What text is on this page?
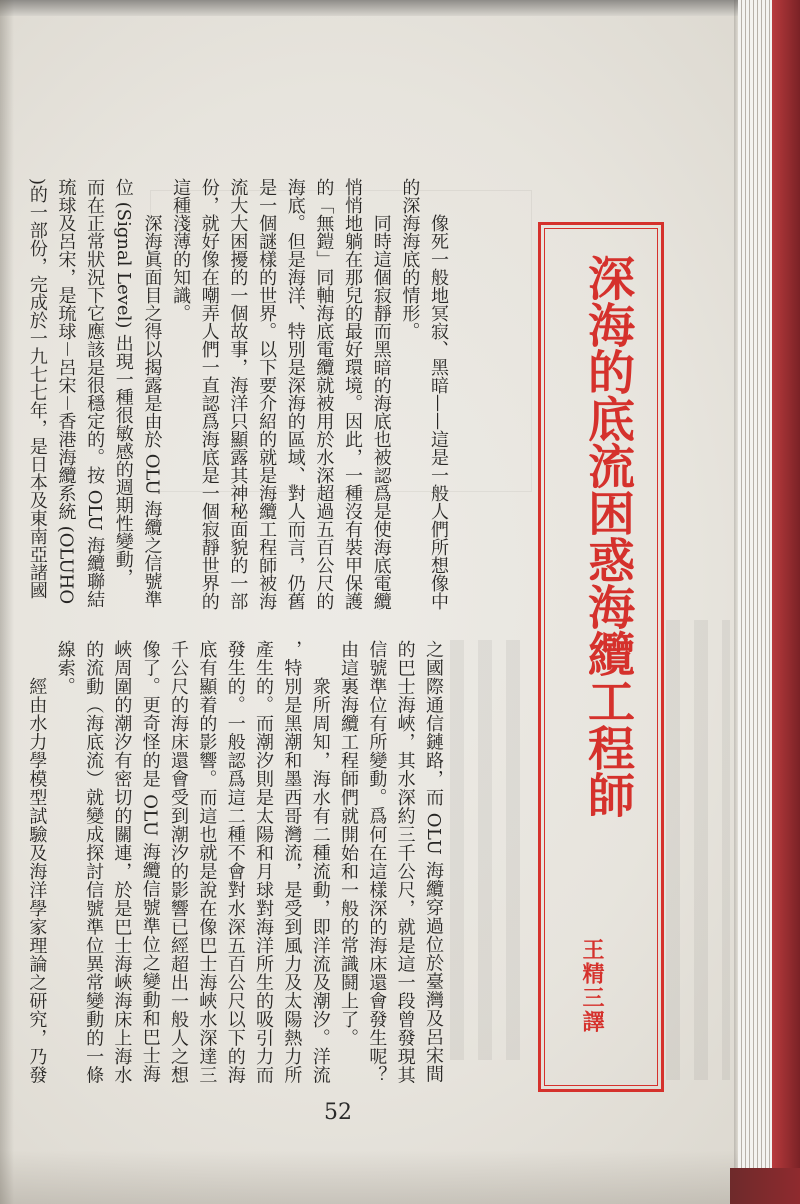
深海的底流困惑海纜工程師
王精三譯
　　像死一般地冥寂、黑暗——這是一般人們所想像中
的深海海底的情形。
　　同時這個寂靜而黑暗的海底也被認爲是使海底電纜
悄悄地躺在那兒的最好環境。因此，一種沒有裝甲保護
的「無鎧」同軸海底電纜就被用於水深超過五百公尺的
海底。但是海洋、特別是深海的區域、對人而言，仍舊
是一個謎樣的世界。以下要介紹的就是海纜工程師被海
流大大困擾的一個故事，海洋只顯露其神秘面貌的一部
份，就好像在嘲弄人們一直認爲海底是一個寂靜世界的
這種淺薄的知識。
　　深海眞面目之得以揭露是由於 OLU 海纜之信號準
位 (Signal Level) 出現一種很敏感的週期性變動，
而在正常狀況下它應該是很穩定的。按 OLU 海纜聯結
琉球及呂宋，是琉球－呂宋－香港海纜系統 (OLUHO
)的一部份，完成於一九七七年，是日本及東南亞諸國
之國際通信鏈路，而 OLU 海纜穿過位於臺灣及呂宋間
的巴士海峽，其水深約三千公尺，就是這一段曾發現其
信號準位有所變動。爲何在這樣深的海床還會發生呢？
由這裏海纜工程師們就開始和一般的常識鬪上了。
　　衆所周知，海水有二種流動，即洋流及潮汐。洋流
，特別是黑潮和墨西哥灣流，是受到風力及太陽熱力所
產生的。而潮汐則是太陽和月球對海洋所生的吸引力而
發生的。一般認爲這二種不會對水深五百公尺以下的海
底有顯着的影響。而這也就是說在像巴士海峽水深達三
千公尺的海床還會受到潮汐的影響已經超出一般人之想
像了。更奇怪的是 OLU 海纜信號準位之變動和巴士海
峽周圍的潮汐有密切的關連，於是巴士海峽海床上海水
的流動（海底流）就變成探討信號準位異常變動的一條
線索。
　　經由水力學模型試驗及海洋學家理論之研究，乃發
52
